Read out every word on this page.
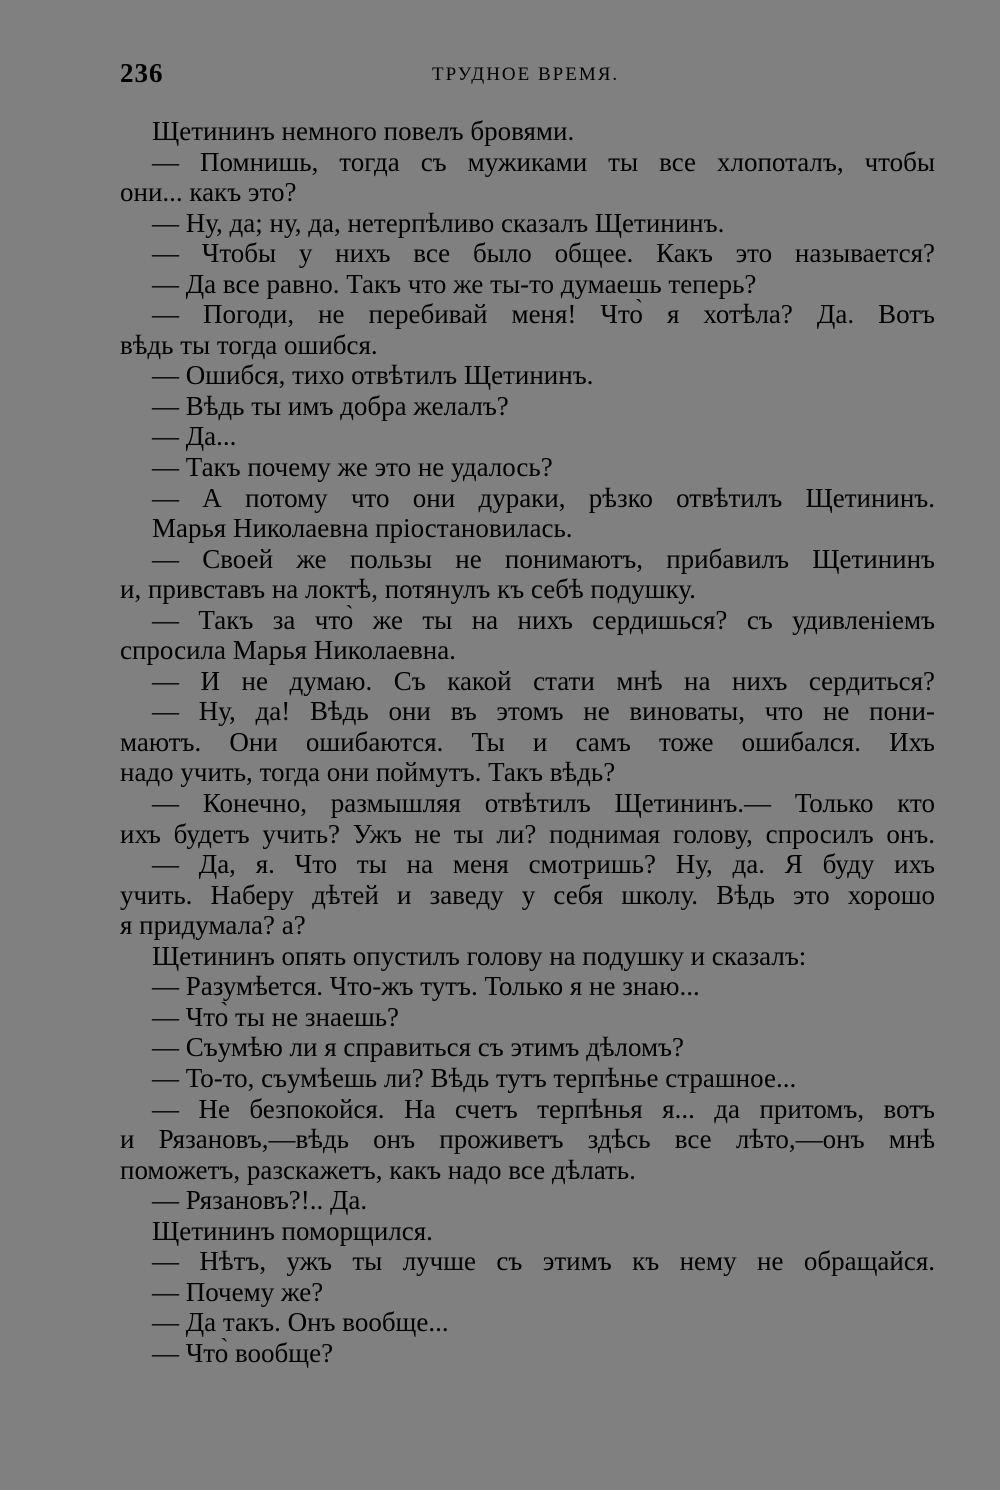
236	ТРУДНОЕ ВРЕМЯ.
Щетининъ немного повелъ бровями.
— Помнишь, тогда съ мужиками ты все хлопоталъ, чтобы
они... какъ это?
— Ну, да; ну, да, нетерпѣливо сказалъ Щетининъ.
— Чтобы у нихъ все было общее. Какъ это называется?
— Да все равно. Такъ что же ты-то думаешь теперь?
— Погоди, не перебивай меня! Что̀ я хотѣла? Да. Вотъ
вѣдь ты тогда ошибся.
— Ошибся, тихо отвѣтилъ Щетининъ.
— Вѣдь ты имъ добра желалъ?
— Да...
— Такъ почему же это не удалось?
— А потому что они дураки, рѣзко отвѣтилъ Щетининъ.
Марья Николаевна пріостановилась.
— Своей же пользы не понимаютъ, прибавилъ Щетининъ
и, привставъ на локтѣ, потянулъ къ себѣ подушку.
— Такъ за что̀ же ты на нихъ сердишься? съ удивленіемъ
спросила Марья Николаевна.
— И не думаю. Съ какой стати мнѣ на нихъ сердиться?
— Ну, да! Вѣдь они въ этомъ не виноваты, что не пони-
маютъ. Они ошибаются. Ты и самъ тоже ошибался. Ихъ
надо учить, тогда они поймутъ. Такъ вѣдь?
— Конечно, размышляя отвѣтилъ Щетининъ.— Только кто
ихъ будетъ учить? Ужъ не ты ли? поднимая голову, спросилъ онъ.
— Да, я. Что ты на меня смотришь? Ну, да. Я буду ихъ
учить. Наберу дѣтей и заведу у себя школу. Вѣдь это хорошо
я придумала? а?
Щетининъ опять опустилъ голову на подушку и сказалъ:
— Разумѣется. Что-жъ тутъ. Только я не знаю...
— Что̀ ты не знаешь?
— Съумѣю ли я справиться съ этимъ дѣломъ?
— То-то, съумѣешь ли? Вѣдь тутъ терпѣнье страшное...
— Не безпокойся. На счетъ терпѣнья я... да притомъ, вотъ
и Рязановъ,—вѣдь онъ проживетъ здѣсь все лѣто,—онъ мнѣ
поможетъ, разскажетъ, какъ надо все дѣлать.
— Рязановъ?!.. Да.
Щетининъ поморщился.
— Нѣтъ, ужъ ты лучше съ этимъ къ нему не обращайся.
— Почему же?
— Да такъ. Онъ вообще...
— Что̀ вообще?
